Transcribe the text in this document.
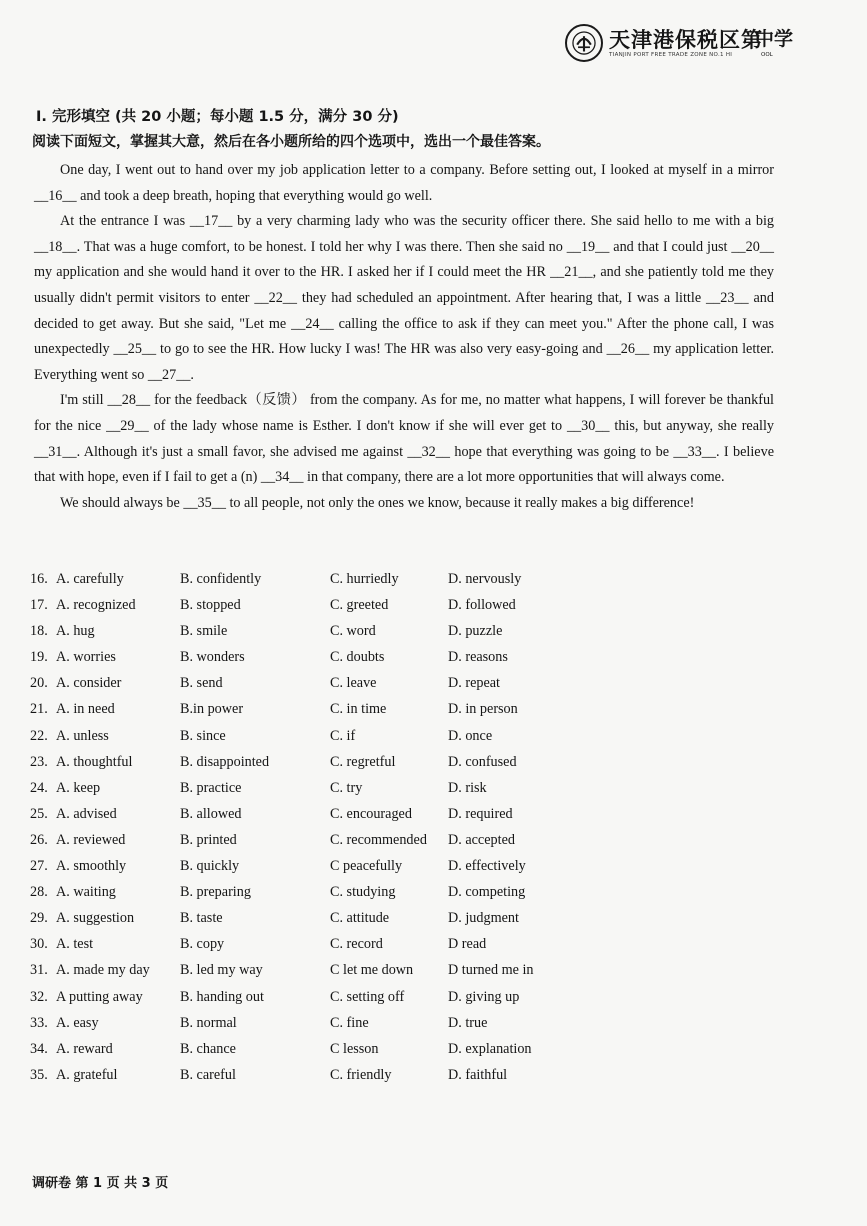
天津港保税区第
TIANJIN PORT FREE TRADE ZONE NO.1 HI
中学
OOL
I. 完形填空 (共 20 小题；每小题 1.5 分，满分 30 分)
阅读下面短文，掌握其大意，然后在各小题所给的四个选项中，选出一个最佳答案。

One day, I went out to hand over my job application letter to a company. Before setting out, I looked at myself in a mirror __16__ and took a deep breath, hoping that everything would go well.

At the entrance I was __17__ by a very charming lady who was the security officer there. She said hello to me with a big __18__. That was a huge comfort, to be honest. I told her why I was there. Then she said no __19__ and that I could just __20__ my application and she would hand it over to the HR. I asked her if I could meet the HR __21__, and she patiently told me they usually didn't permit visitors to enter __22__ they had scheduled an appointment. After hearing that, I was a little __23__ and decided to get away. But she said, "Let me __24__ calling the office to ask if they can meet you." After the phone call, I was unexpectedly __25__ to go to see the HR. How lucky I was! The HR was also very easy-going and __26__ my application letter. Everything went so __27__.

I'm still __28__ for the feedback（反馈） from the company. As for me, no matter what happens, I will forever be thankful for the nice __29__ of the lady whose name is Esther. I don't know if she will ever get to __30__ this, but anyway, she really __31__. Although it's just a small favor, she advised me against __32__ hope that everything was going to be __33__. I believe that with hope, even if I fail to get a (n) __34__ in that company, there are a lot more opportunities that will always come.

We should always be __35__ to all people, not only the ones we know, because it really makes a big difference!

16. A. carefully	B. confidently	C. hurriedly	D. nervously
17. A. recognized	B. stopped	C. greeted	D. followed
18. A. hug	B. smile	C. word	D. puzzle
19. A. worries	B. wonders	C. doubts	D. reasons
20. A. consider	B. send	C. leave	D. repeat
21. A. in need	B.in power	C. in time	D. in person
22. A. unless	B. since	C. if	D. once
23. A. thoughtful	B. disappointed	C. regretful	D. confused
24. A. keep	B. practice	C. try	D. risk
25. A. advised	B. allowed	C. encouraged	D. required
26. A. reviewed	B. printed	C. recommended D. accepted
27. A. smoothly	B. quickly	C peacefully	D. effectively
28. A. waiting	B. preparing	C. studying	D. competing
29. A. suggestion	B. taste	C. attitude	D. judgment
30. A. test	B. copy	C. record	D read
31. A. made my day B. led my way	C let me down D turned me in
32. A putting away	B. handing out	C. setting off	D. giving up
33. A. easy	B. normal	C. fine	D. true
34. A. reward	B. chance	C lesson	D. explanation
35. A. grateful	B. careful	C. friendly	D. faithful
调研卷 第 1 页 共 3 页
